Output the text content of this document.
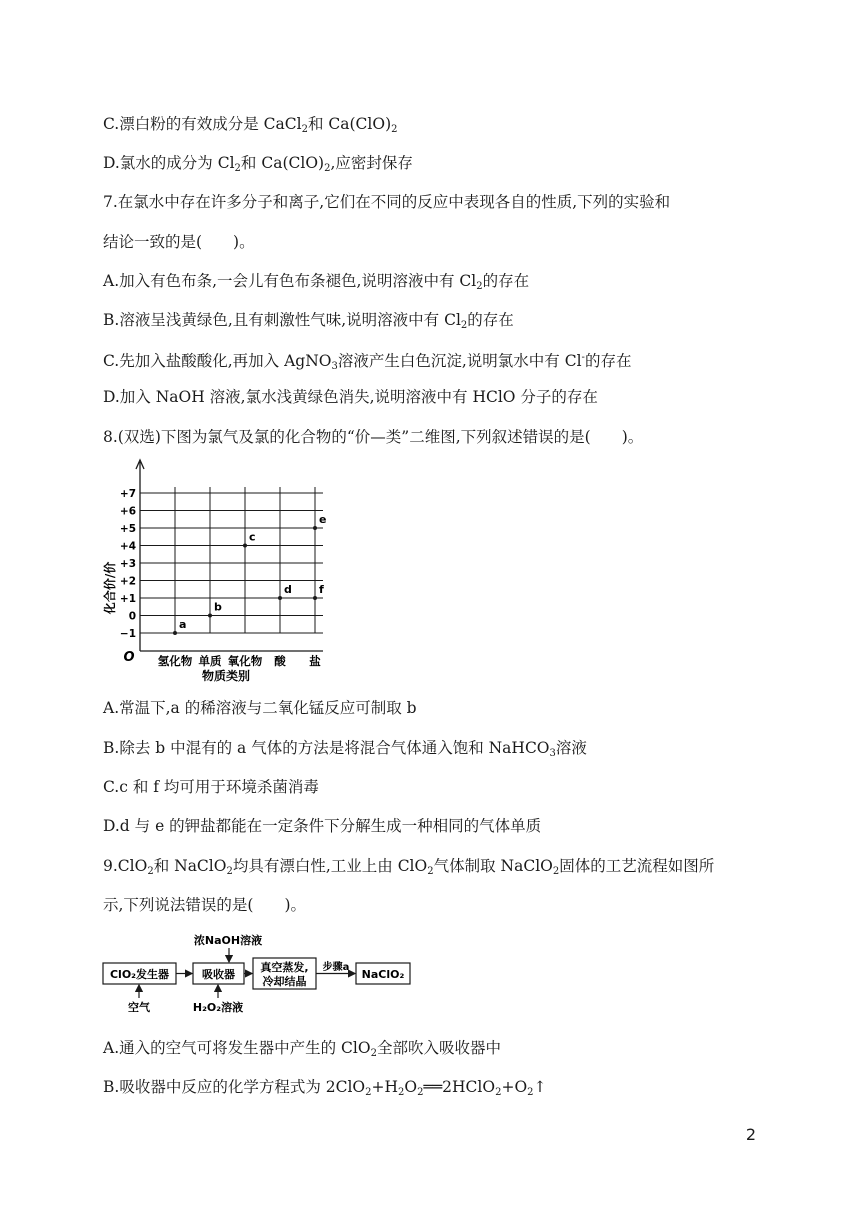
C.漂白粉的有效成分是 CaCl$_2$和 $Ca(ClO)_2$
D.氯水的成分为 $Cl_2$和 $Ca(ClO)_2$,应密封保存
7.在氯水中存在许多分子和离子,它们在不同的反应中表现各自的性质,下列的实验和
结论一致的是(　　)。
A.加入有色布条,一会儿有色布条褪色,说明溶液中有 $Cl_2$的存在
B.溶液呈浅黄绿色,且有刺激性气味,说明溶液中有 $Cl_2$的存在
C.先加入盐酸酸化,再加入 AgNO$_3$溶液产生白色沉淀,说明氯水中有 Cl-的存在
D.加入 NaOH 溶液,氯水浅黄绿色消失,说明溶液中有 HClO 分子的存在
8.(双选)下图为氯气及氯的化合物的“价—类”二维图,下列叙述错误的是(　　)。
+7
+6
+5
+4
+3
+2
+1
0
−1
氢化物 单质 氧化物 酸 盐
a
b
c
d
e
f
化合价/价
物质类别
O
A.常温下,a 的稀溶液与二氧化锰反应可制取 b
B.除去 b 中混有的 a 气体的方法是将混合气体通入饱和 NaHCO$_3$溶液
C.c 和 f 均可用于环境杀菌消毒
D.d 与 e 的钾盐都能在一定条件下分解生成一种相同的气体单质
9.ClO$_2$和 NaClO$_2$均具有漂白性,工业上由 ClO$_2$气体制取 NaClO$_2$固体的工艺流程如图所
示,下列说法错误的是(　　)。
浓NaOH溶液
ClO₂发生器	吸收器
真空蒸发,
冷却结晶
步骤a
NaClO₂
空气	H₂O₂溶液
A.通入的空气可将发生器中产生的 ClO$_2$全部吹入吸收器中
B.吸收器中反应的化学方程式为 $2ClO_2+H_2O_2══2HClO_2+O_2↑$
2
